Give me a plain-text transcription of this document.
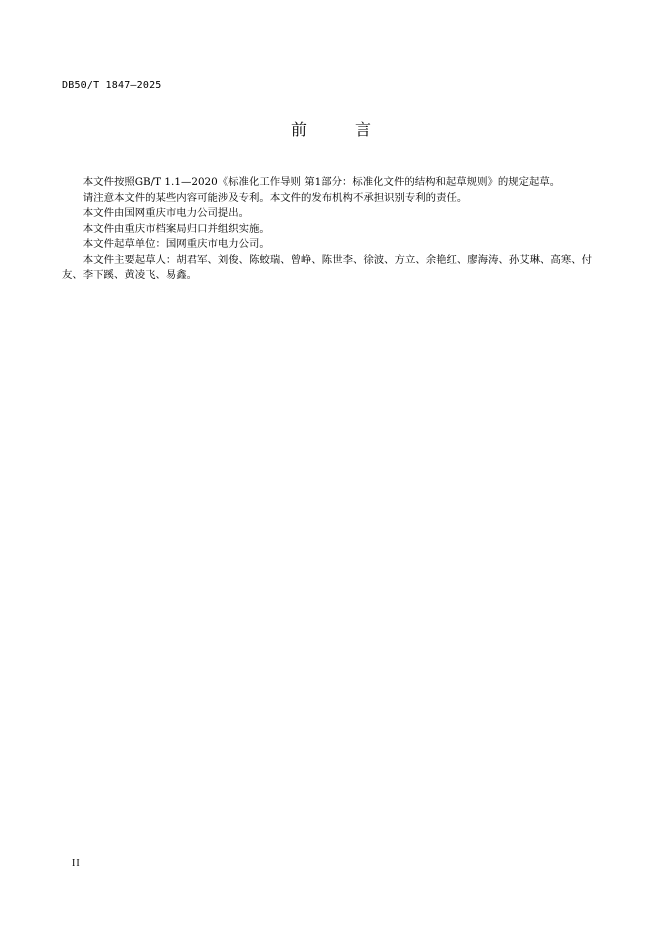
DB50/T 1847—2025
前	言

本文件按照GB/T 1.1—2020《标准化工作导则 第1部分：标准化文件的结构和起草规则》的规定起草。

请注意本文件的某些内容可能涉及专利。本文件的发布机构不承担识别专利的责任。

本文件由国网重庆市电力公司提出。

本文件由重庆市档案局归口并组织实施。

本文件起草单位：国网重庆市电力公司。

本文件主要起草人：胡君军、刘俊、陈蛟瑞、曾峥、陈世李、徐波、方立、余艳红、廖海涛、孙艾琳、高寒、付友、李下蹊、黄凌飞、易鑫。

II
